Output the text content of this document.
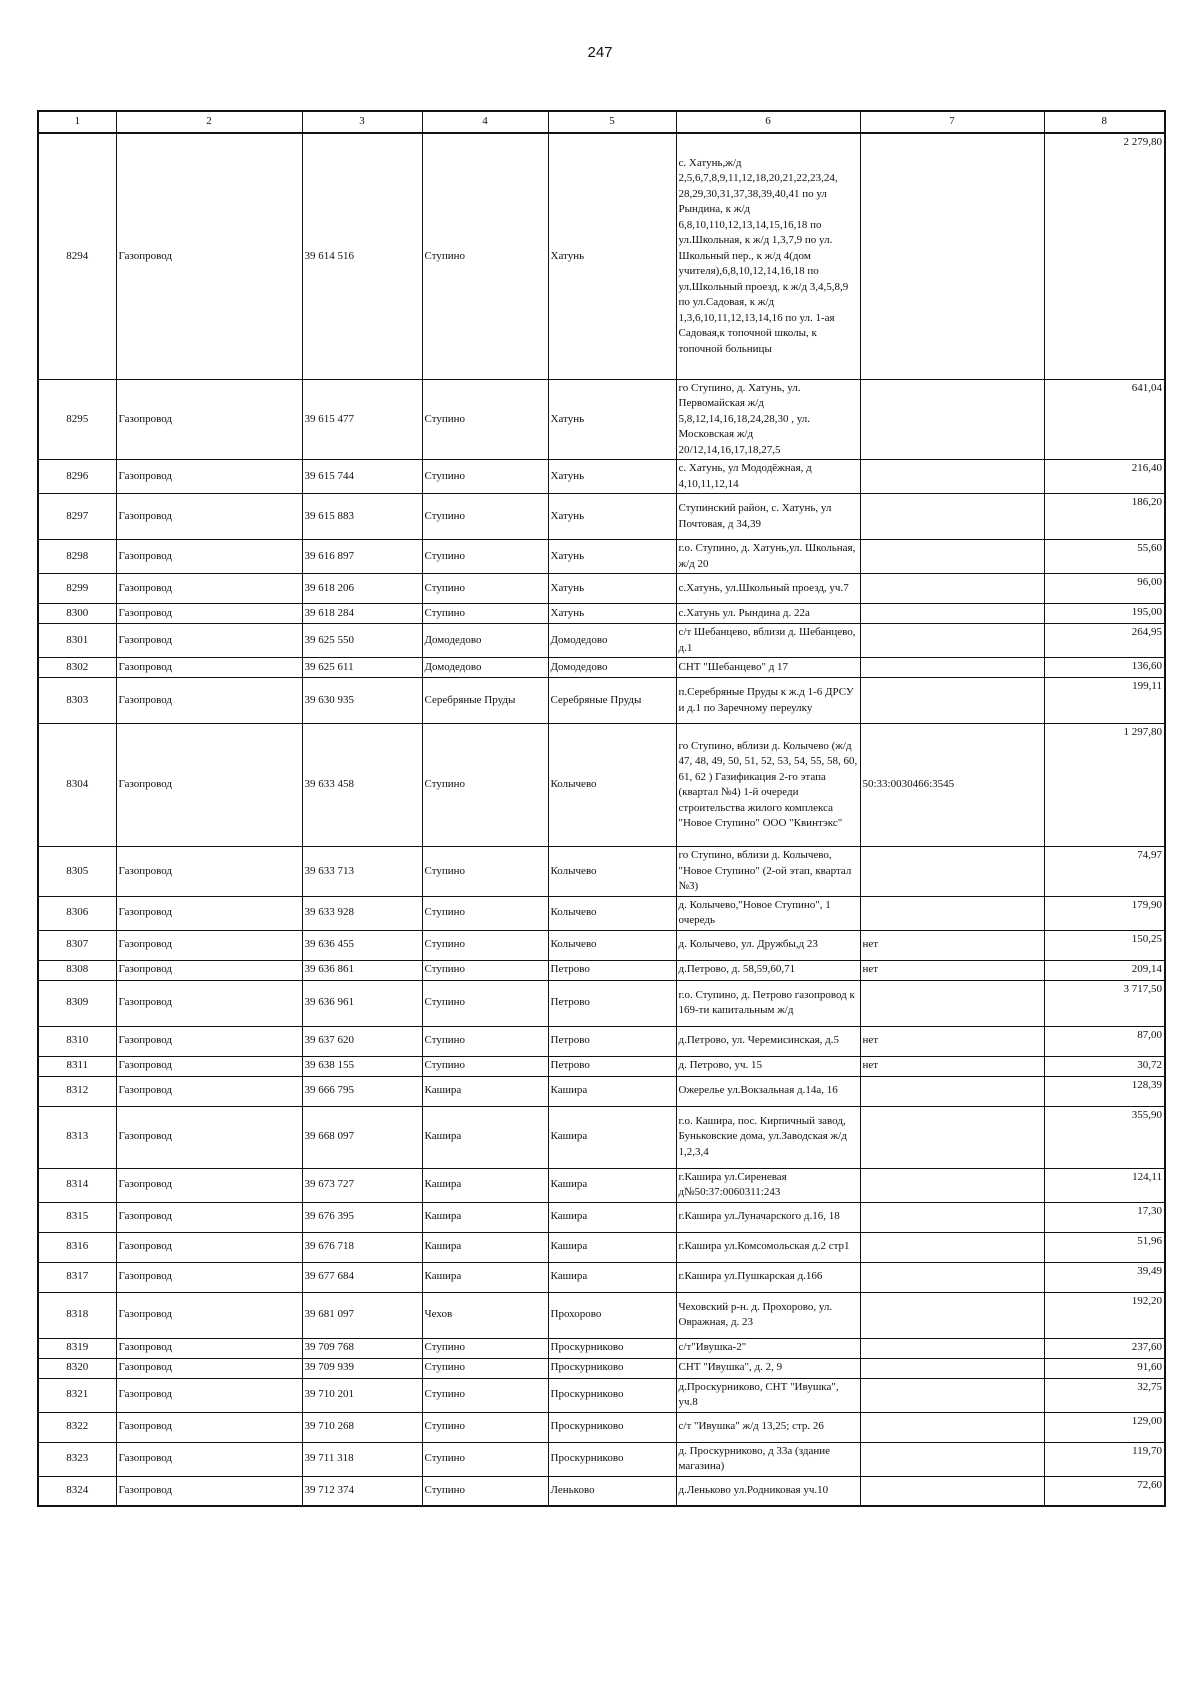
247
1	2	3	4	5	6	7	8
8294	Газопровод	39 614 516	Ступино	Хатунь	с. Хатунь,ж/д 2,5,6,7,8,9,11,12,18,20,21,22,23,24, 28,29,30,31,37,38,39,40,41 по ул Рындина, к ж/д 6,8,10,110,12,13,14,15,16,18 по ул.Школьная, к ж/д 1,3,7,9 по ул. Школьный пер., к ж/д 4(дом учителя),6,8,10,12,14,16,18 по ул.Школьный проезд, к ж/д 3,4,5,8,9 по ул.Садовая, к ж/д 1,3,6,10,11,12,13,14,16 по ул. 1-ая Садовая,к топочной школы, к топочной больницы		2 279,80
8295	Газопровод	39 615 477	Ступино	Хатунь	го Ступино, д. Хатунь, ул. Первомайская ж/д 5,8,12,14,16,18,24,28,30 , ул. Московская ж/д 20/12,14,16,17,18,27,5		641,04
8296	Газопровод	39 615 744	Ступино	Хатунь	с. Хатунь, ул Мододёжная, д 4,10,11,12,14		216,40
8297	Газопровод	39 615 883	Ступино	Хатунь	Ступинский район, с. Хатунь, ул Почтовая, д 34,39		186,20
8298	Газопровод	39 616 897	Ступино	Хатунь	г.о. Ступино, д. Хатунь,ул. Школьная, ж/д 20		55,60
8299	Газопровод	39 618 206	Ступино	Хатунь	с.Хатунь, ул.Школьный проезд, уч.7		96,00
8300	Газопровод	39 618 284	Ступино	Хатунь	с.Хатунь ул. Рындина д. 22а		195,00
8301	Газопровод	39 625 550	Домодедово	Домодедово	с/т Шебанцево, вблизи д. Шебанцево, д.1		264,95
8302	Газопровод	39 625 611	Домодедово	Домодедово	СНТ "Шебанцево" д 17		136,60
8303	Газопровод	39 630 935	Серебряные Пруды	Серебряные Пруды	п.Серебряные Пруды к ж.д 1-6 ДРСУ и д.1 по Заречному переулку		199,11
8304	Газопровод	39 633 458	Ступино	Колычево	го Ступино, вблизи д. Колычево (ж/д 47, 48, 49, 50, 51, 52, 53, 54, 55, 58, 60, 61, 62 ) Газификация 2-го этапа (квартал №4) 1-й очереди строительства жилого комплекса "Новое Ступино" ООО "Квинтэкс"	50:33:0030466:3545	1 297,80
8305	Газопровод	39 633 713	Ступино	Колычево	го Ступино, вблизи д. Колычево, "Новое Ступино" (2-ой этап, квартал №3)		74,97
8306	Газопровод	39 633 928	Ступино	Колычево	д. Колычево,"Новое Ступино", 1 очередь		179,90
8307	Газопровод	39 636 455	Ступино	Колычево	д. Колычево, ул. Дружбы,д 23	нет	150,25
8308	Газопровод	39 636 861	Ступино	Петрово	д.Петрово, д. 58,59,60,71	нет	209,14
8309	Газопровод	39 636 961	Ступино	Петрово	г.о. Ступино, д. Петрово газопровод к 169-ти капитальным ж/д		3 717,50
8310	Газопровод	39 637 620	Ступино	Петрово	д.Петрово, ул. Черемисинская, д.5	нет	87,00
8311	Газопровод	39 638 155	Ступино	Петрово	д. Петрово, уч. 15	нет	30,72
8312	Газопровод	39 666 795	Кашира	Кашира	Ожерелье ул.Вокзальная д.14а, 16		128,39
8313	Газопровод	39 668 097	Кашира	Кашира	г.о. Кашира, пос. Кирпичный завод, Буньковские дома, ул.Заводская ж/д 1,2,3,4		355,90
8314	Газопровод	39 673 727	Кашира	Кашира	г.Кашира ул.Сиреневая д№50:37:0060311:243		124,11
8315	Газопровод	39 676 395	Кашира	Кашира	г.Кашира ул.Луначарского д.16, 18		17,30
8316	Газопровод	39 676 718	Кашира	Кашира	г.Кашира ул.Комсомольская д.2 стр1		51,96
8317	Газопровод	39 677 684	Кашира	Кашира	г.Кашира ул.Пушкарская д.166		39,49
8318	Газопровод	39 681 097	Чехов	Прохорово	Чеховский р-н. д. Прохорово, ул. Овражная, д. 23		192,20
8319	Газопровод	39 709 768	Ступино	Проскурниково	с/т"Ивушка-2"		237,60
8320	Газопровод	39 709 939	Ступино	Проскурниково	СНТ "Ивушка", д. 2, 9		91,60
8321	Газопровод	39 710 201	Ступино	Проскурниково	д.Проскурниково, СНТ "Ивушка", уч.8		32,75
8322	Газопровод	39 710 268	Ступино	Проскурниково	с/т "Ивушка" ж/д 13,25; стр. 26		129,00
8323	Газопровод	39 711 318	Ступино	Проскурниково	д. Проскурниково, д 33а (здание магазина)		119,70
8324	Газопровод	39 712 374	Ступино	Леньково	д.Леньково ул.Родниковая уч.10		72,60
